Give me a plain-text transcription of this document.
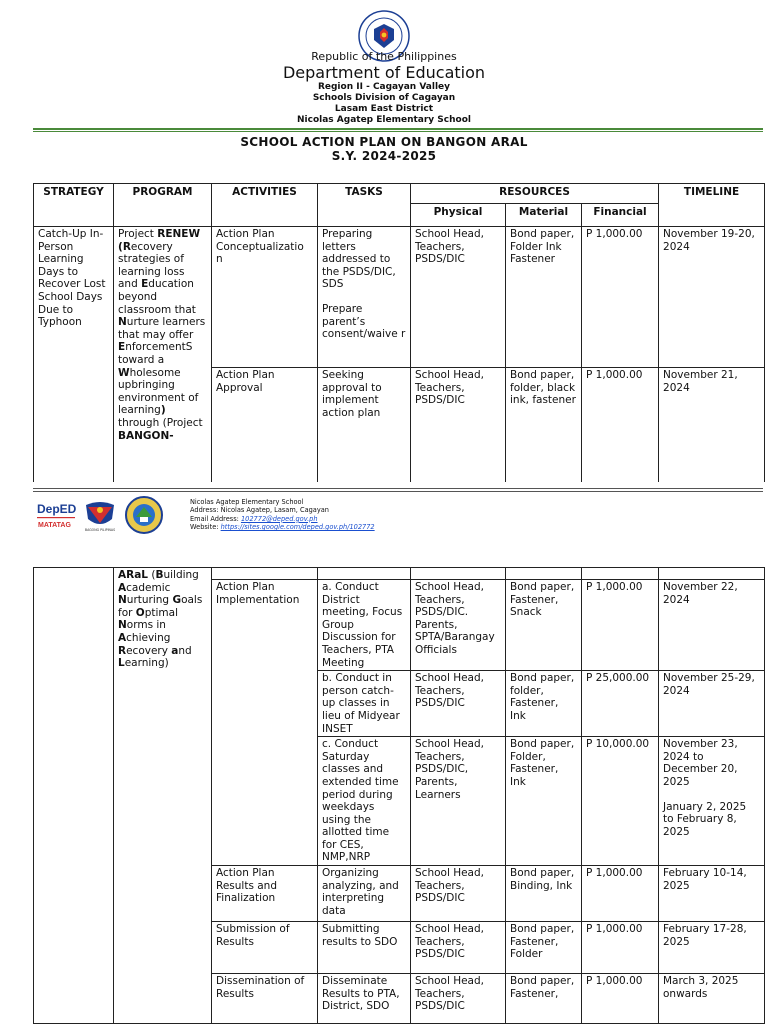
Republic of the Philippines
Department of Education
Region II - Cagayan Valley
Schools Division of Cagayan
Lasam East District
Nicolas Agatep Elementary School
SCHOOL ACTION PLAN ON BANGON ARAL
S.Y. 2024-2025
STRATEGY	PROGRAM	ACTIVITIES	TASKS	RESOURCES			TIMELINE
				Physical	Material	Financial	
Catch-Up In-Person Learning Days to Recover Lost School Days Due to Typhoon	Project RENEW (Recovery strategies of learning loss and Education beyond classroom that Nurture learners that may offer EnforcementS toward a Wholesome upbringing environment of learning) through (Project BANGON-	Action Plan Conceptualizatio n	Preparing letters addressed to the PSDS/DIC, SDS
Prepare parent’s consent/waive r	School Head, Teachers, PSDS/DIC	Bond paper, Folder Ink Fastener	P 1,000.00	November 19-20, 2024
		Action Plan Approval	Seeking approval to implement action plan	School Head, Teachers, PSDS/DIC	Bond paper, folder, black ink, fastener	P 1,000.00	November 21, 2024
DepED
MATATAG
BAGONG PILIPINAS
Nicolas Agatep Elementary School
Address: Nicolas Agatep, Lasam, Cagayan
Email Address: 102772@deped.gov.ph
Website: https://sites.google.com/deped.gov.ph/102772
	ARaL (Building Academic Nurturing Goals for Optimal Norms in Achieving Recovery and Learning)						
		Action Plan Implementation	a. Conduct District meeting, Focus Group Discussion for Teachers, PTA Meeting	School Head, Teachers, PSDS/DIC. Parents, SPTA/Barangay Officials	Bond paper, Fastener, Snack	P 1,000.00	November 22, 2024
			b. Conduct in person catch-up classes in lieu of Midyear INSET	School Head, Teachers, PSDS/DIC	Bond paper, folder, Fastener, Ink	P 25,000.00	November 25-29, 2024
			c. Conduct Saturday classes and extended time period during weekdays using the allotted time for CES, NMP,NRP	School Head, Teachers, PSDS/DIC, Parents, Learners	Bond paper, Folder, Fastener, Ink	P 10,000.00	November 23, 2024 to December 20, 2025
January 2, 2025 to February 8, 2025
		Action Plan Results and Finalization	Organizing analyzing, and interpreting data	School Head, Teachers, PSDS/DIC	Bond paper, Binding, Ink	P 1,000.00	February 10-14, 2025
		Submission of Results	Submitting results to SDO	School Head, Teachers, PSDS/DIC	Bond paper, Fastener, Folder	P 1,000.00	February 17-28, 2025
		Dissemination of Results	Disseminate Results to PTA, District, SDO	School Head, Teachers, PSDS/DIC	Bond paper, Fastener,	P 1,000.00	March 3, 2025 onwards
